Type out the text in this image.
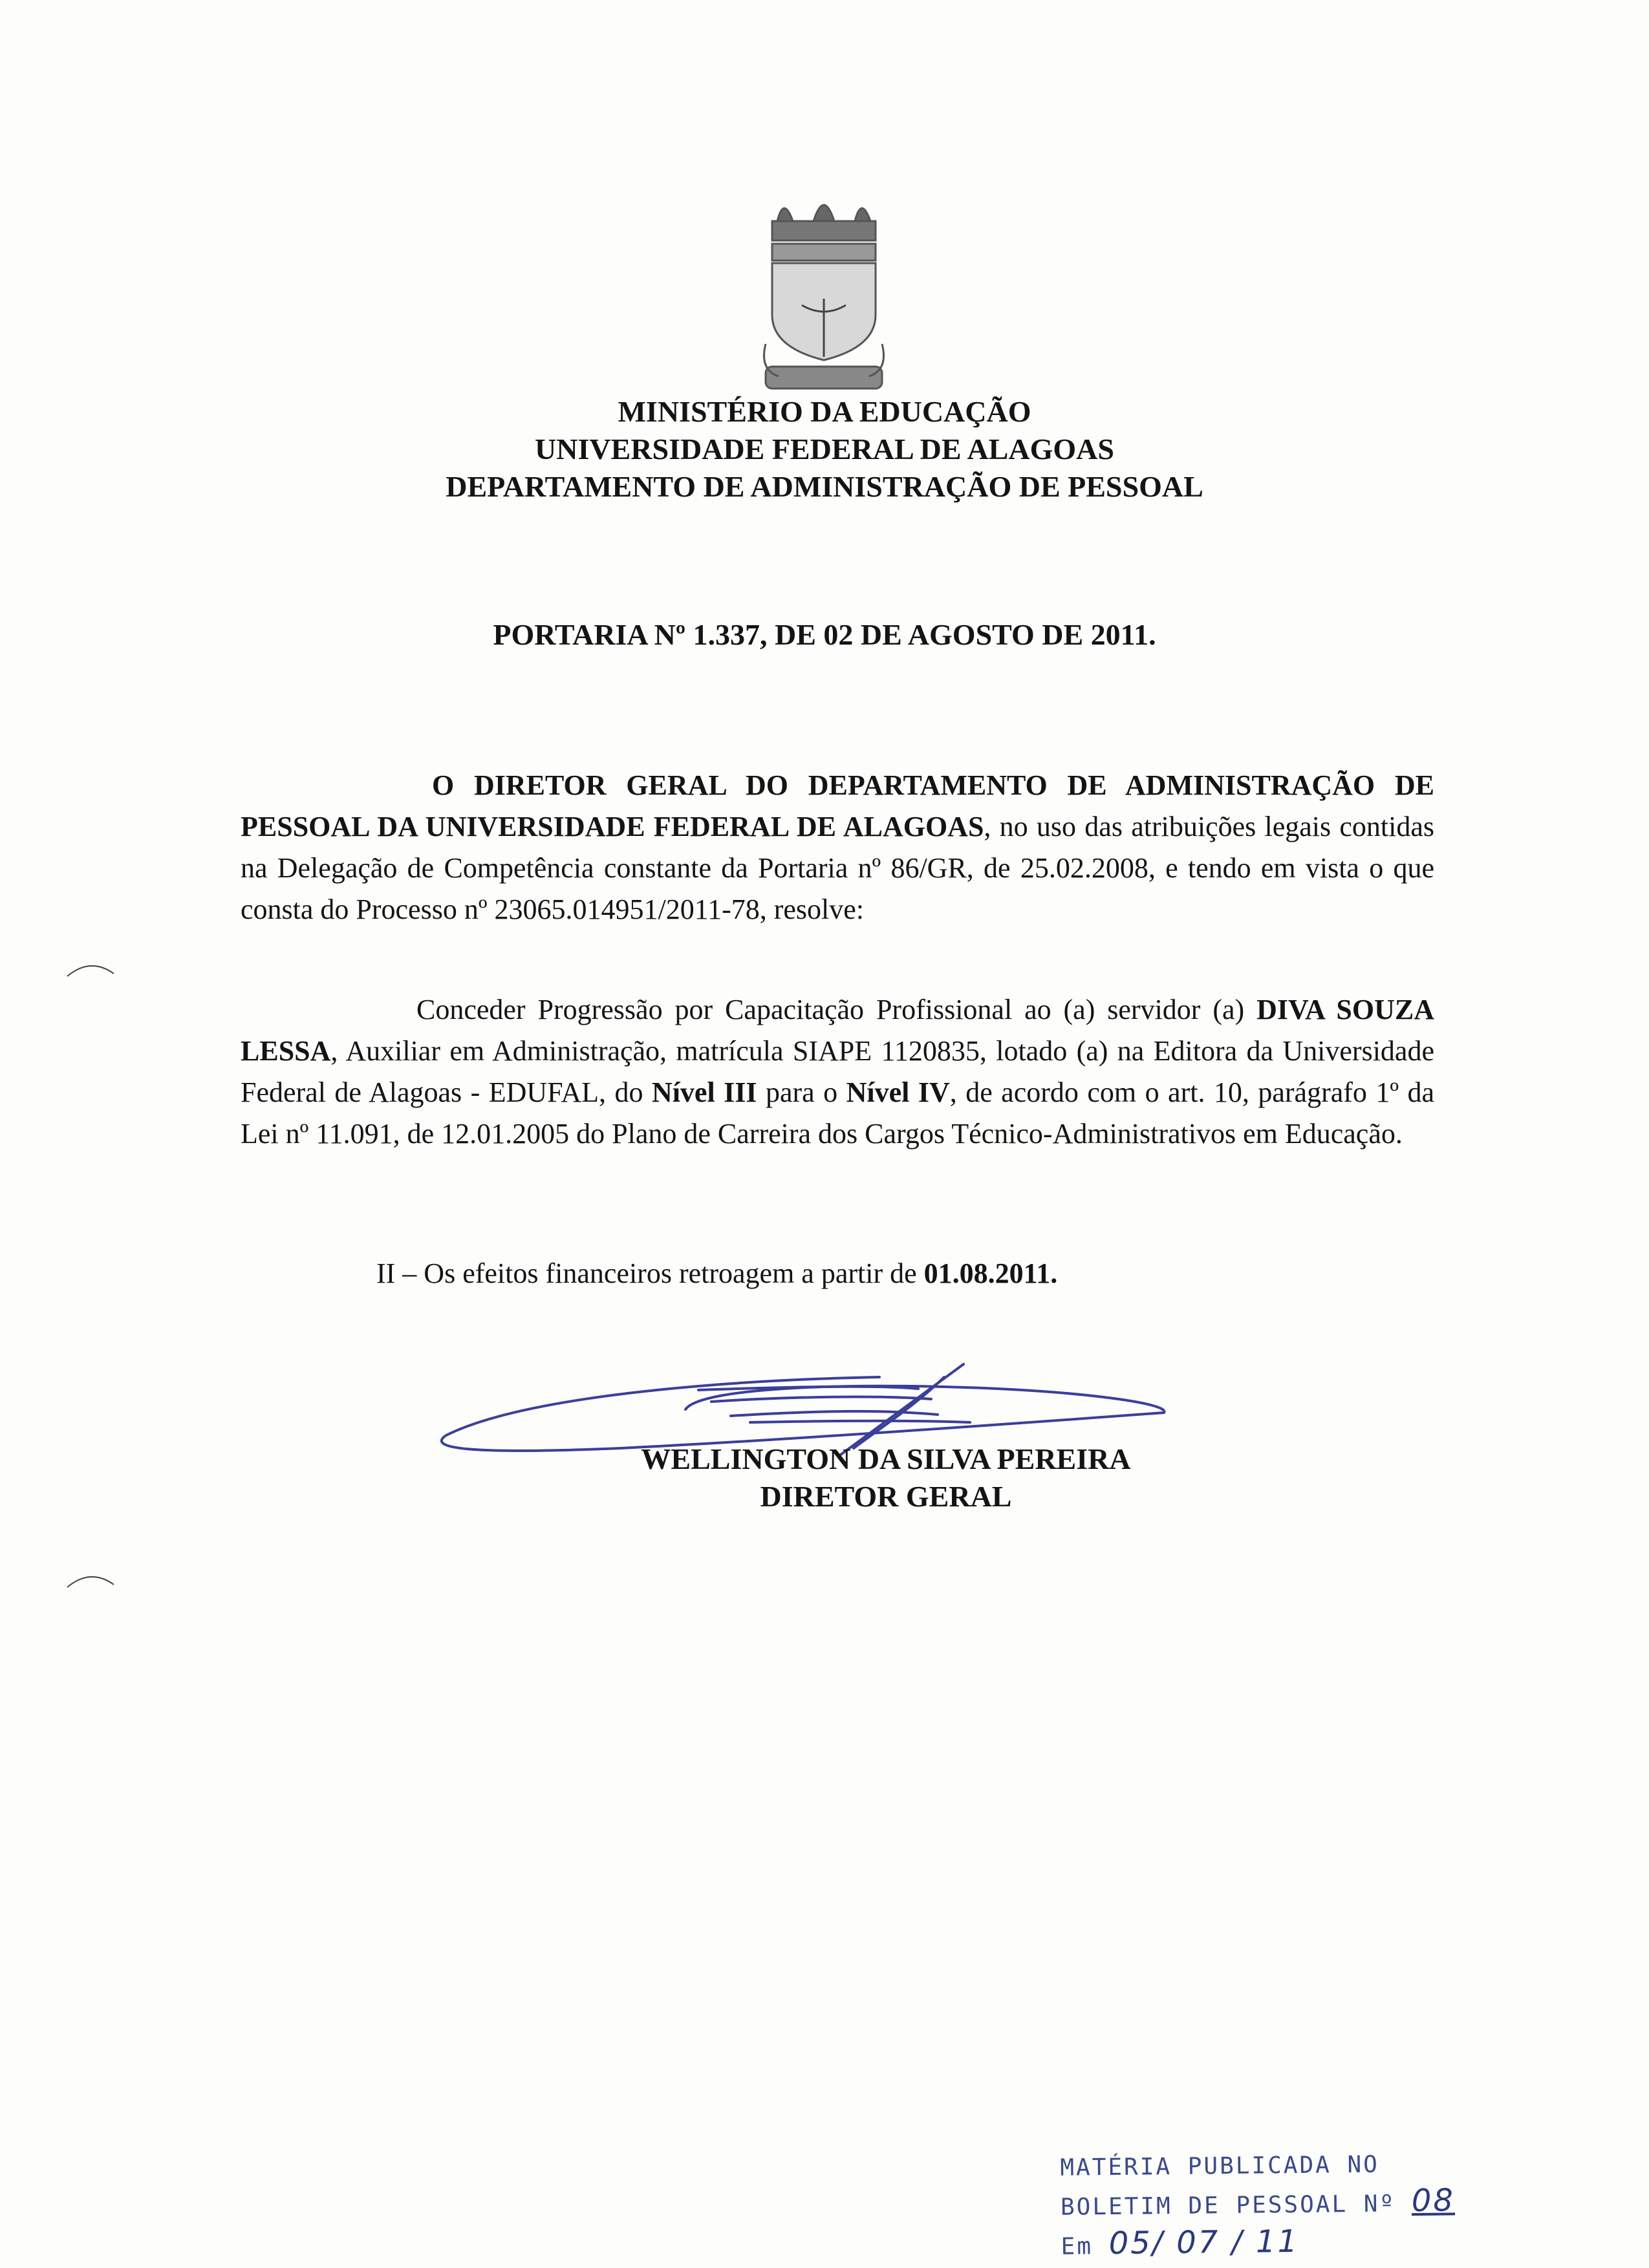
MINISTÉRIO DA EDUCAÇÃO
UNIVERSIDADE FEDERAL DE ALAGOAS
DEPARTAMENTO DE ADMINISTRAÇÃO DE PESSOAL
PORTARIA Nº 1.337, DE 02 DE AGOSTO DE 2011.
O DIRETOR GERAL DO DEPARTAMENTO DE ADMINISTRAÇÃO DE PESSOAL DA UNIVERSIDADE FEDERAL DE ALAGOAS, no uso das atribuições legais contidas na Delegação de Competência constante da Portaria nº 86/GR, de 25.02.2008, e tendo em vista o que consta do Processo nº 23065.014951/2011-78, resolve:
Conceder Progressão por Capacitação Profissional ao (a) servidor (a) DIVA SOUZA LESSA, Auxiliar em Administração, matrícula SIAPE 1120835, lotado (a) na Editora da Universidade Federal de Alagoas - EDUFAL, do Nível III para o Nível IV, de acordo com o art. 10, parágrafo 1º da Lei nº 11.091, de 12.01.2005 do Plano de Carreira dos Cargos Técnico-Administrativos em Educação.
II – Os efeitos financeiros retroagem a partir de 01.08.2011.
WELLINGTON DA SILVA PEREIRA
DIRETOR GERAL
MATÉRIA PUBLICADA NO
BOLETIM DE PESSOAL Nº 08
Em 05/ 07 / 11
